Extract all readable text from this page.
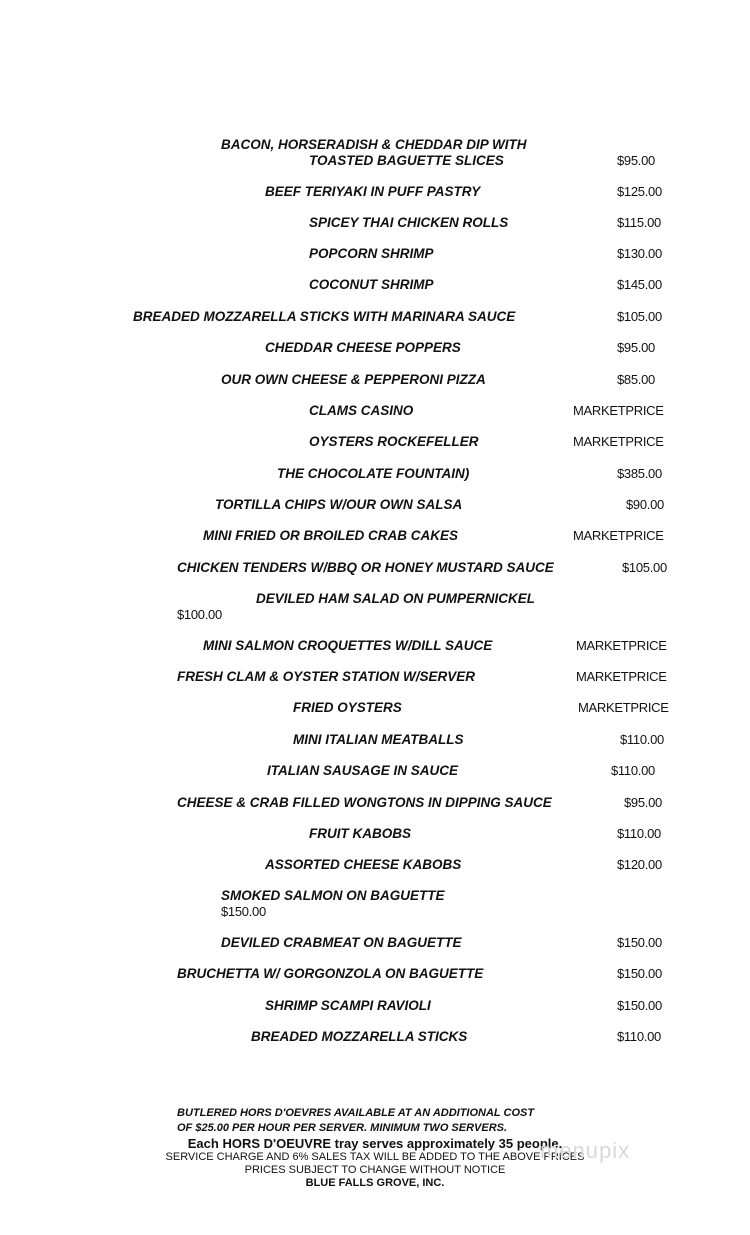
BACON, HORSERADISH & CHEDDAR DIP WITH
TOASTED BAGUETTE SLICES	$95.00
BEEF TERIYAKI IN PUFF PASTRY	$125.00
SPICEY THAI CHICKEN ROLLS	$115.00
POPCORN SHRIMP	$130.00
COCONUT SHRIMP	$145.00
BREADED MOZZARELLA STICKS WITH MARINARA SAUCE	$105.00
CHEDDAR CHEESE POPPERS	$95.00
OUR OWN CHEESE & PEPPERONI PIZZA	$85.00
CLAMS CASINO	MARKETPRICE
OYSTERS ROCKEFELLER	MARKETPRICE
THE CHOCOLATE FOUNTAIN)	$385.00
TORTILLA CHIPS W/OUR OWN SALSA	$90.00
MINI FRIED OR BROILED CRAB CAKES	MARKETPRICE
CHICKEN TENDERS W/BBQ OR HONEY MUSTARD SAUCE	$105.00
DEVILED HAM SALAD ON PUMPERNICKEL
$100.00
MINI SALMON CROQUETTES W/DILL SAUCE	MARKETPRICE
FRESH CLAM & OYSTER STATION W/SERVER	MARKETPRICE
FRIED OYSTERS	MARKETPRICE
MINI ITALIAN MEATBALLS	$110.00
ITALIAN SAUSAGE IN SAUCE	$110.00
CHEESE & CRAB FILLED WONGTONS IN DIPPING SAUCE	$95.00
FRUIT KABOBS	$110.00
ASSORTED CHEESE KABOBS	$120.00
SMOKED SALMON ON BAGUETTE
$150.00
DEVILED CRABMEAT ON BAGUETTE	$150.00
BRUCHETTA W/ GORGONZOLA ON BAGUETTE	$150.00
SHRIMP SCAMPI RAVIOLI	$150.00
BREADED MOZZARELLA STICKS	$110.00
BUTLERED HORS D'OEVRES AVAILABLE AT AN ADDITIONAL COST
OF $25.00 PER HOUR PER SERVER. MINIMUM TWO SERVERS.
Each HORS D'OEUVRE tray serves approximately 35 people.
SERVICE CHARGE AND 6% SALES TAX WILL BE ADDED TO THE ABOVE PRICES
PRICES SUBJECT TO CHANGE WITHOUT NOTICE
BLUE FALLS GROVE, INC.
menupix
